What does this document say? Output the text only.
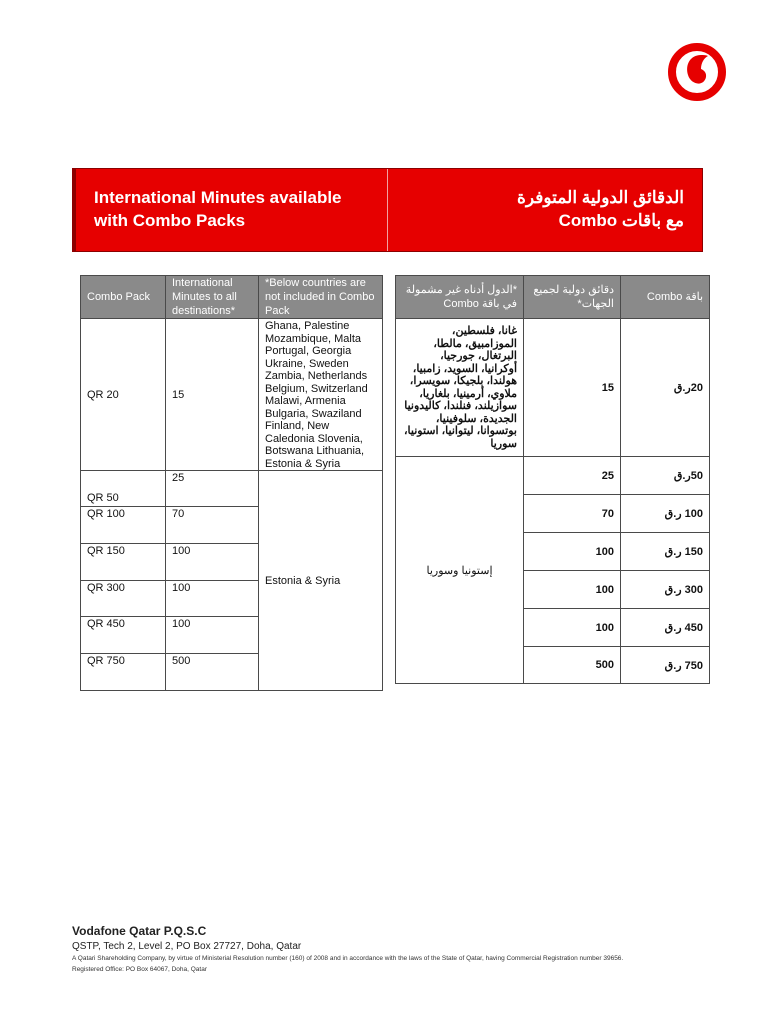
International Minutes available
with Combo Packs
الدقائق الدولية المتوفرة
مع باقات Combo
Combo Pack	International Minutes to all destinations*	*Below countries are not included in Combo Pack
QR 20	15	Ghana, Palestine Mozambique, Malta Portugal, Georgia Ukraine, Sweden Zambia, Netherlands Belgium, Switzerland Malawi, Armenia Bulgaria, Swaziland Finland, New Caledonia Slovenia, Botswana Lithuania, Estonia & Syria
QR 50	25	Estonia & Syria
QR 100	70	
QR 150	100	
QR 300	100	
QR 450	100	
QR 750	500	
باقة Combo	دقائق دولية لجميع الجهات*	*الدول أدناه غير مشمولة في باقة Combo
20ر.ق	15	غانا، فلسطين، الموزامبيق، مالطا، البرتغال، جورجيا، أوكرانيا، السويد، زامبيا، هولندا، بلجيكا، سويسرا، ملاوي، أرمينيا، بلغاريا، سوازيلند، فنلندا، كاليدونيا الجديدة، سلوفينيا، بوتسوانا، ليتوانيا، استونيا، سوريا
50ر.ق	25	إستونيا وسوريا
100 ر.ق	70	
150 ر.ق	100	
300 ر.ق	100	
450 ر.ق	100	
750 ر.ق	500	
Vodafone Qatar P.Q.S.C
QSTP, Tech 2, Level 2, PO Box 27727, Doha, Qatar
A Qatari Shareholding Company, by virtue of Ministerial Resolution number (160) of 2008 and in accordance with the laws of the State of Qatar, having Commercial Registration number 39656. Registered Office: PO Box 64067, Doha, Qatar
